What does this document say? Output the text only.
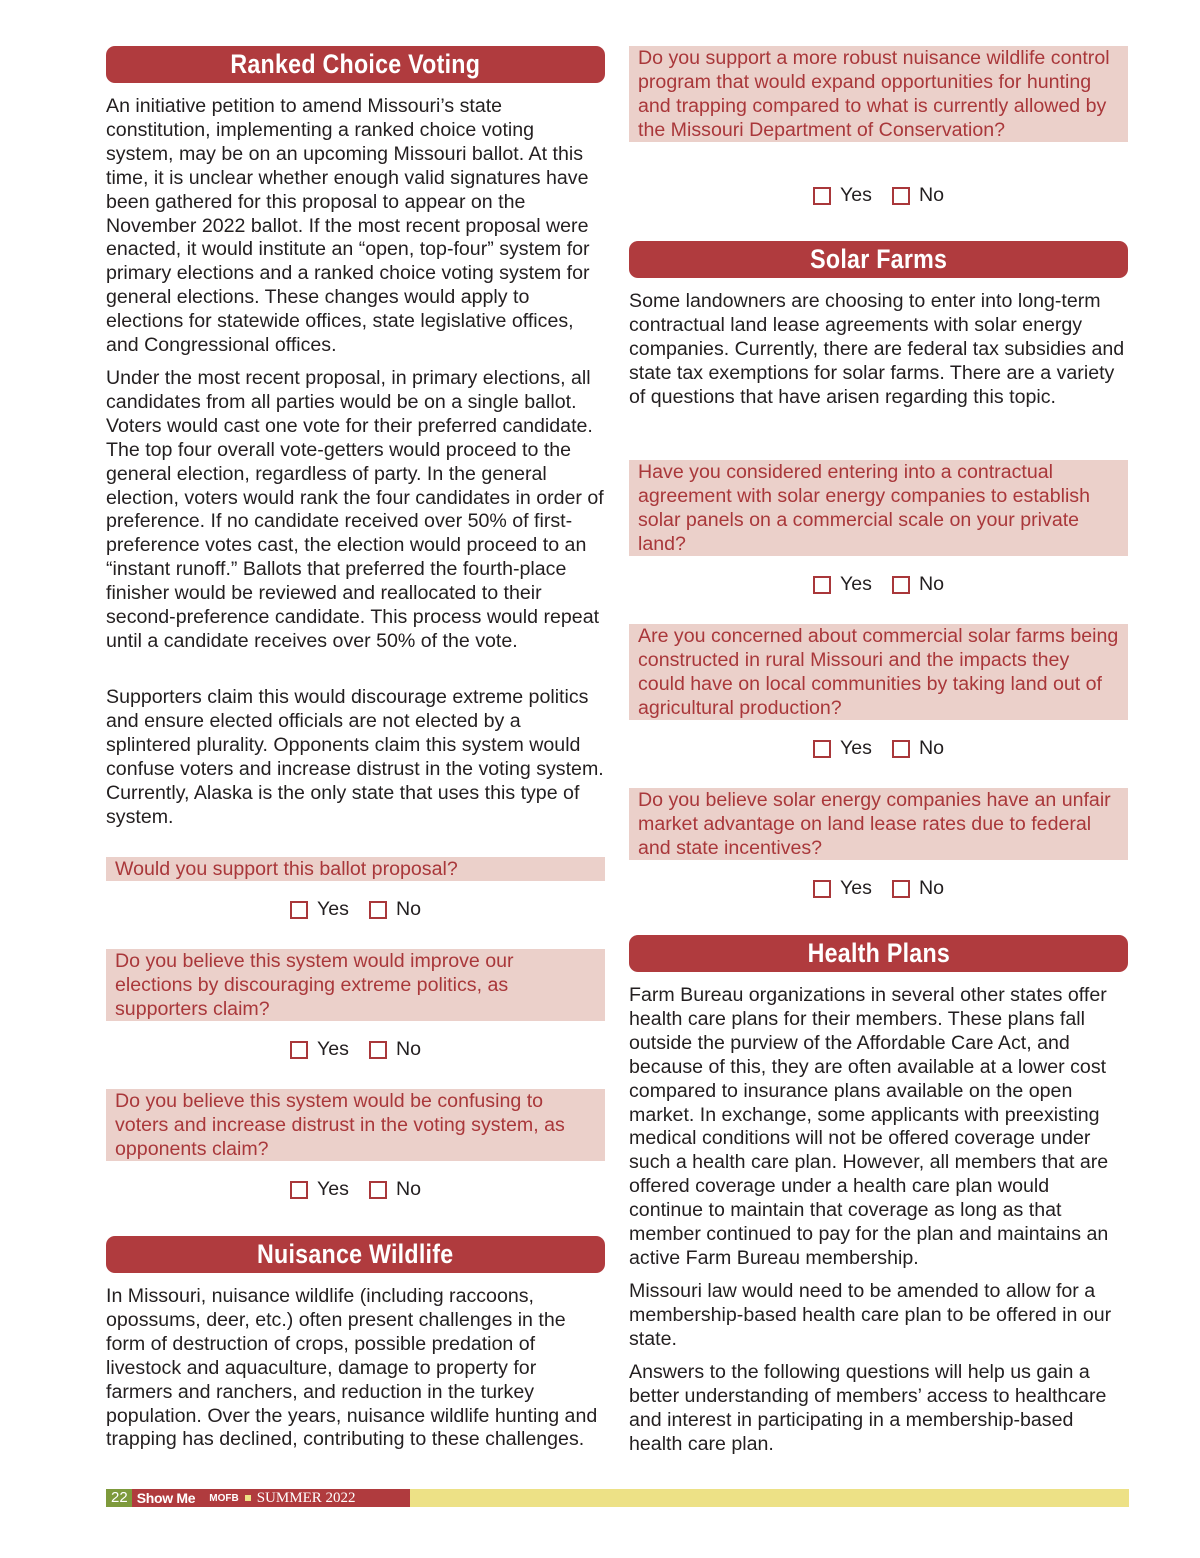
Ranked Choice Voting

An initiative petition to amend Missouri’s state constitution, implementing a ranked choice voting system, may be on an upcoming Missouri ballot. At this time, it is unclear whether enough valid signatures have been gathered for this proposal to appear on the November 2022 ballot. If the most recent proposal were enacted, it would institute an “open, top-four” system for primary elections and a ranked choice voting system for general elections. These changes would apply to elections for statewide offices, state legislative offices, and Congressional offices.

Under the most recent proposal, in primary elections, all candidates from all parties would be on a single ballot. Voters would cast one vote for their preferred candidate. The top four overall vote-getters would proceed to the general election, regardless of party. In the general election, voters would rank the four candidates in order of preference. If no candidate received over 50% of first-preference votes cast, the election would proceed to an “instant runoff.” Ballots that preferred the fourth-place finisher would be reviewed and reallocated to their second-preference candidate. This process would repeat until a candidate receives over 50% of the vote.

Supporters claim this would discourage extreme politics and ensure elected officials are not elected by a splintered plurality. Opponents claim this system would confuse voters and increase distrust in the voting system. Currently, Alaska is the only state that uses this type of system.

Would you support this ballot proposal?
Yes No
Do you believe this system would improve our elections by discouraging extreme politics, as supporters claim?
Yes No
Do you believe this system would be confusing to voters and increase distrust in the voting system, as opponents claim?
Yes No
Nuisance Wildlife

In Missouri, nuisance wildlife (including raccoons, opossums, deer, etc.) often present challenges in the form of destruction of crops, possible predation of livestock and aquaculture, damage to property for farmers and ranchers, and reduction in the turkey population. Over the years, nuisance wildlife hunting and trapping has declined, contributing to these challenges.

Do you support a more robust nuisance wildlife control program that would expand opportunities for hunting and trapping compared to what is currently allowed by the Missouri Department of Conservation?
Yes No
Solar Farms

Some landowners are choosing to enter into long-term contractual land lease agreements with solar energy companies. Currently, there are federal tax subsidies and state tax exemptions for solar farms. There are a variety of questions that have arisen regarding this topic.

Have you considered entering into a contractual agreement with solar energy companies to establish solar panels on a commercial scale on your private land?
Yes No
Are you concerned about commercial solar farms being constructed in rural Missouri and the impacts they could have on local communities by taking land out of agricultural production?
Yes No
Do you believe solar energy companies have an unfair market advantage on land lease rates due to federal and state incentives?
Yes No
Health Plans

Farm Bureau organizations in several other states offer health care plans for their members. These plans fall outside the purview of the Affordable Care Act, and because of this, they are often available at a lower cost compared to insurance plans available on the open market. In exchange, some applicants with preexisting medical conditions will not be offered coverage under such a health care plan. However, all members that are offered coverage under a health care plan would continue to maintain that coverage as long as that member continued to pay for the plan and maintains an active Farm Bureau membership.

Missouri law would need to be amended to allow for a membership-based health care plan to be offered in our state.

Answers to the following questions will help us gain a better understanding of members’ access to healthcare and interest in participating in a membership-based health care plan.

22 Show Me MOFB SUMMER 2022
